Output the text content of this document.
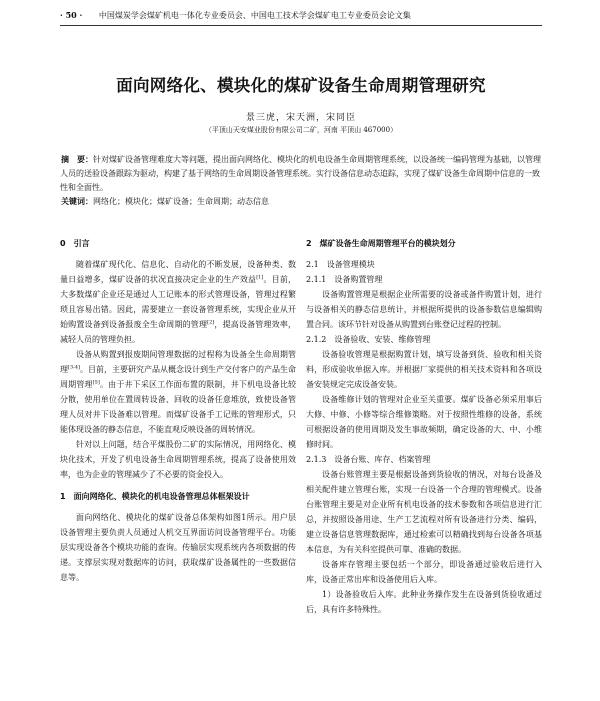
· 50 · 中国煤炭学会煤矿机电一体化专业委员会、中国电工技术学会煤矿电工专业委员会论文集
面向网络化、模块化的煤矿设备生命周期管理研究
景三虎，宋天洲，宋同臣
（平顶山天安煤业股份有限公司二矿，河南 平顶山 467000）

摘　要：针对煤矿设备管理难度大等问题，提出面向网络化、模块化的机电设备生命周期管理系统，以设备统一编码管理为基础，以管理人员的送验设备跟踪为驱动，构建了基于网络的生命周期设备管理系统。实行设备信息动态追踪，实现了煤矿设备生命周期中信息的一致性和全面性。

关键词：网络化；模块化；煤矿设备；生命周期；动态信息

0　引言

随着煤矿现代化、信息化、自动化的不断发展，设备种类、数量日益增多，煤矿设备的状况直接决定企业的生产效益[1]。目前，大多数煤矿企业还是通过人工记账本的形式管理设备，管理过程繁琐且容易出错。因此，需要建立一套设备管理系统，实现企业从开始购置设备到设备报废全生命周期的管理[2]，提高设备管理效率，减轻人员的管理负担。

设备从购置到报废期间管理数据的过程称为设备全生命周期管理[3-4]。目前，主要研究产品从概念设计到生产交付客户的产品生命周期管理[5]。由于井下采区工作面布置的限制，井下机电设备比较分散，使用单位在置周转设备、回收的设备任意堆放，致使设备管理人员对井下设备难以管理。而煤矿设备手工记账的管理形式，只能体现设备的静态信息，不能直观反映设备的周转情况。

针对以上问题，结合平煤股份二矿的实际情况，用网络化、模块化技术，开发了机电设备生命周期管理系统，提高了设备使用效率，也为企业的管理减少了不必要的资金投入。

1　面向网络化、模块化的机电设备管理总体框架设计

面向网络化、模块化的煤矿设备总体架构如图1所示。用户层设备管理主要负责人员通过人机交互界面访问设备管理平台。功能层实现设备各个模块功能的查询。传输层实现系统内各项数据的传递。支撑层实现对数据库的访问，获取煤矿设备属性的一些数据信息等。

2　煤矿设备生命周期管理平台的模块划分
2.1　设备管理模块
2.1.1　设备购置管理

设备购置管理是根据企业所需要的设备或备件购置计划，进行与设备相关的静态信息统计，并根据所提供的设备参数信息编辑购置合同。该环节针对设备从购置到台账登记过程的控制。

2.1.2　设备验收、安装、维修管理

设备验收管理是根据购置计划，填写设备到货、验收和相关资料，形成验收单据入库。并根据厂家提供的相关技术资料和各项设备安装规定完成设备安装。

设备维修计划的管理对企业至关重要。煤矿设备必须采用事后大修、中修、小修等综合维修策略。对于按照性维修的设备，系统可根据设备的使用周期及发生事故频期，确定设备的大、中、小维修时间。

2.1.3　设备台账、库存、档案管理

设备台账管理主要是根据设备到货验收的情况，对每台设备及相关配件建立管理台账，实现一台设备一个合理的管理模式。设备台账管理主要是对企业所有机电设备的技术参数和各项信息进行汇总，并按照设备用途、生产工艺流程对所有设备进行分类、编码，建立设备信息管理数据库，通过检索可以精确找到每台设备各项基本信息，为有关科室提供可靠、准确的数据。

设备库存管理主要包括一个部分，即设备通过验收后进行入库，设备正常出库和设备使用后入库。

1）设备验收后入库。此种业务操作发生在设备到货验收通过后，具有许多特殊性。
